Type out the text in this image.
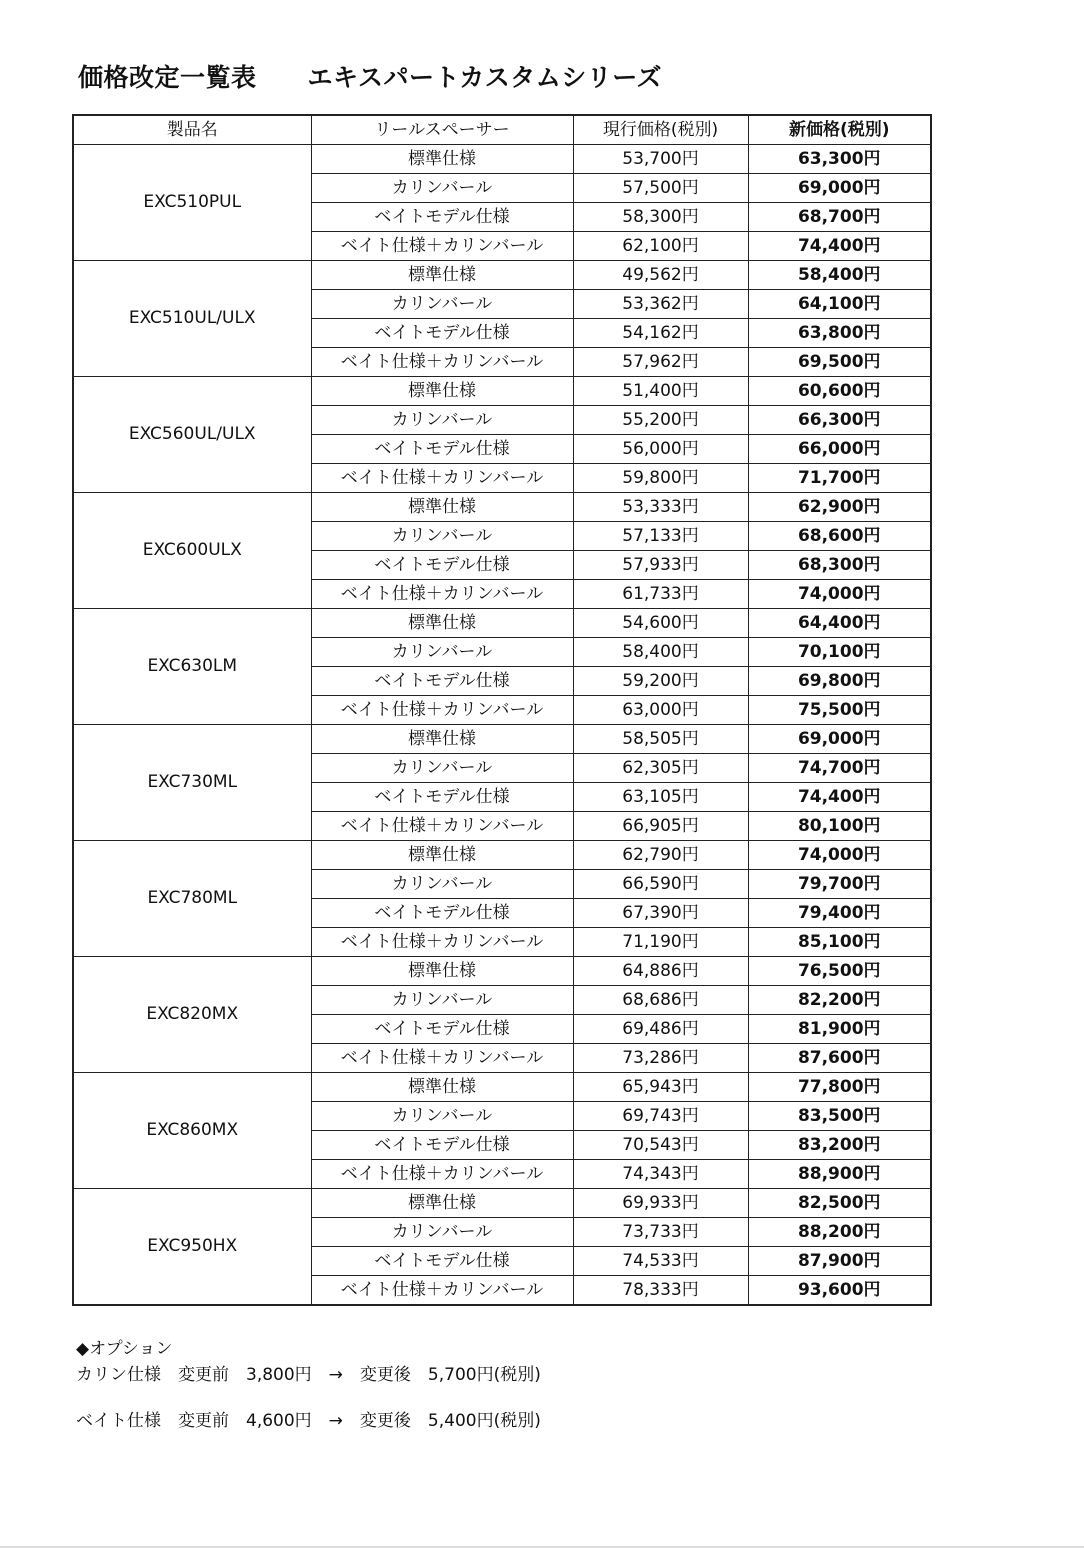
価格改定一覧表　　エキスパートカスタムシリーズ
製品名	リールスペーサー	現行価格(税別)	新価格(税別)
EXC510PUL	標準仕様	53,700円	63,300円
	カリンバール	57,500円	69,000円
	ベイトモデル仕様	58,300円	68,700円
	ベイト仕様＋カリンバール	62,100円	74,400円
EXC510UL/ULX	標準仕様	49,562円	58,400円
	カリンバール	53,362円	64,100円
	ベイトモデル仕様	54,162円	63,800円
	ベイト仕様＋カリンバール	57,962円	69,500円
EXC560UL/ULX	標準仕様	51,400円	60,600円
	カリンバール	55,200円	66,300円
	ベイトモデル仕様	56,000円	66,000円
	ベイト仕様＋カリンバール	59,800円	71,700円
EXC600ULX	標準仕様	53,333円	62,900円
	カリンバール	57,133円	68,600円
	ベイトモデル仕様	57,933円	68,300円
	ベイト仕様＋カリンバール	61,733円	74,000円
EXC630LM	標準仕様	54,600円	64,400円
	カリンバール	58,400円	70,100円
	ベイトモデル仕様	59,200円	69,800円
	ベイト仕様＋カリンバール	63,000円	75,500円
EXC730ML	標準仕様	58,505円	69,000円
	カリンバール	62,305円	74,700円
	ベイトモデル仕様	63,105円	74,400円
	ベイト仕様＋カリンバール	66,905円	80,100円
EXC780ML	標準仕様	62,790円	74,000円
	カリンバール	66,590円	79,700円
	ベイトモデル仕様	67,390円	79,400円
	ベイト仕様＋カリンバール	71,190円	85,100円
EXC820MX	標準仕様	64,886円	76,500円
	カリンバール	68,686円	82,200円
	ベイトモデル仕様	69,486円	81,900円
	ベイト仕様＋カリンバール	73,286円	87,600円
EXC860MX	標準仕様	65,943円	77,800円
	カリンバール	69,743円	83,500円
	ベイトモデル仕様	70,543円	83,200円
	ベイト仕様＋カリンバール	74,343円	88,900円
EXC950HX	標準仕様	69,933円	82,500円
	カリンバール	73,733円	88,200円
	ベイトモデル仕様	74,533円	87,900円
	ベイト仕様＋カリンバール	78,333円	93,600円
◆オプション
カリン仕様　変更前　3,800円　→　変更後　5,700円(税別)
ベイト仕様　変更前　4,600円　→　変更後　5,400円(税別)
